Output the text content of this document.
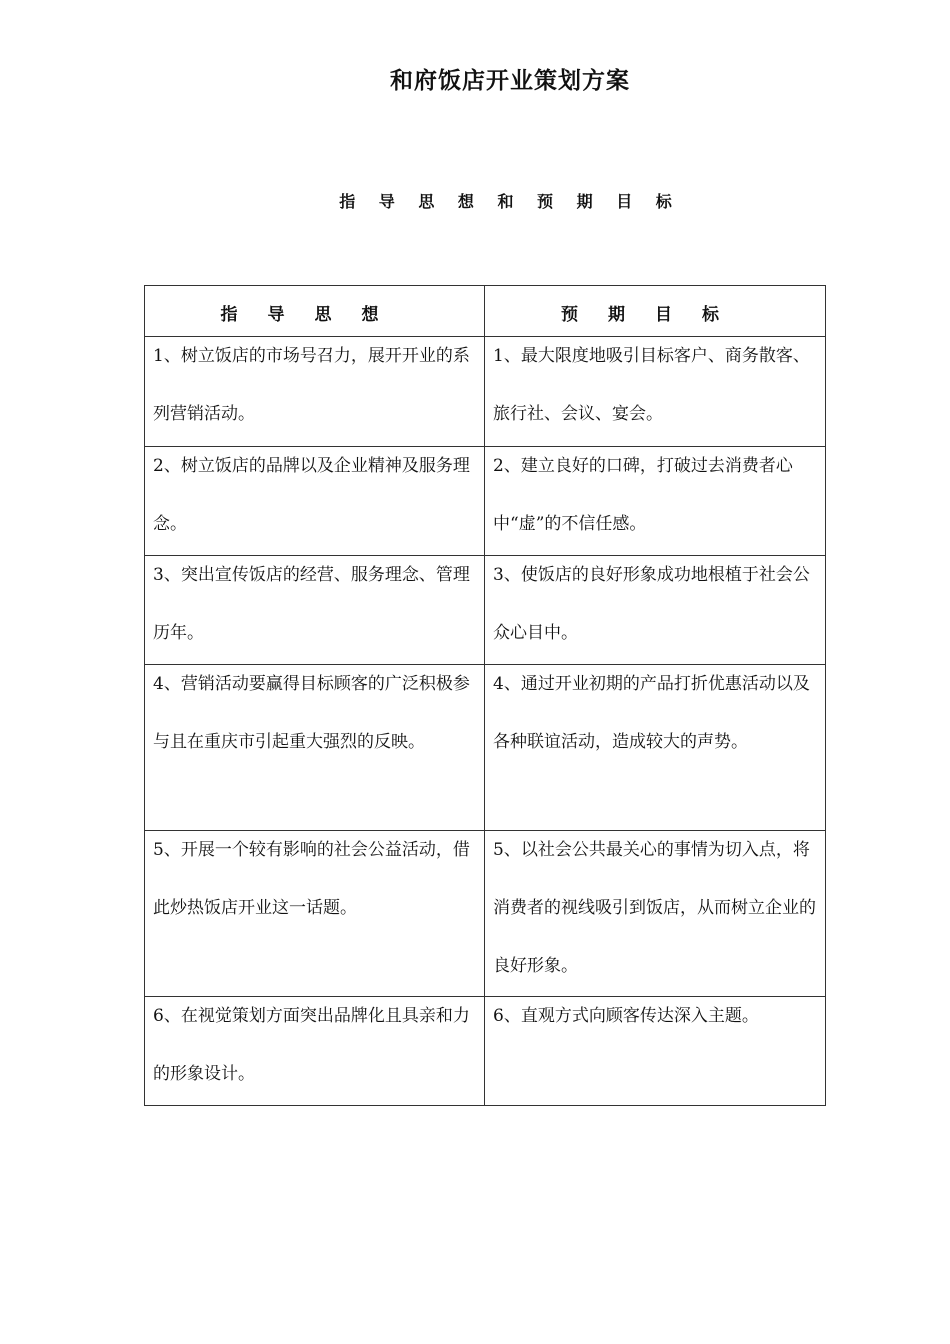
和府饭店开业策划方案
指 导 思 想 和 预 期 目 标
指导思想	预期目标

1、树立饭店的市场号召力，展开开业的系列营销活动。	1、最大限度地吸引目标客户、商务散客、旅行社、会议、宴会。

2、树立饭店的品牌以及企业精神及服务理念。	2、建立良好的口碑，打破过去消费者心中“虚”的不信任感。

3、突出宣传饭店的经营、服务理念、管理历年。	3、使饭店的良好形象成功地根植于社会公众心目中。

4、营销活动要赢得目标顾客的广泛积极参与且在重庆市引起重大强烈的反映。	4、通过开业初期的产品打折优惠活动以及各种联谊活动，造成较大的声势。

5、开展一个较有影响的社会公益活动，借此炒热饭店开业这一话题。	5、以社会公共最关心的事情为切入点，将消费者的视线吸引到饭店，从而树立企业的良好形象。

6、在视觉策划方面突出品牌化且具亲和力的形象设计。	6、直观方式向顾客传达深入主题。
